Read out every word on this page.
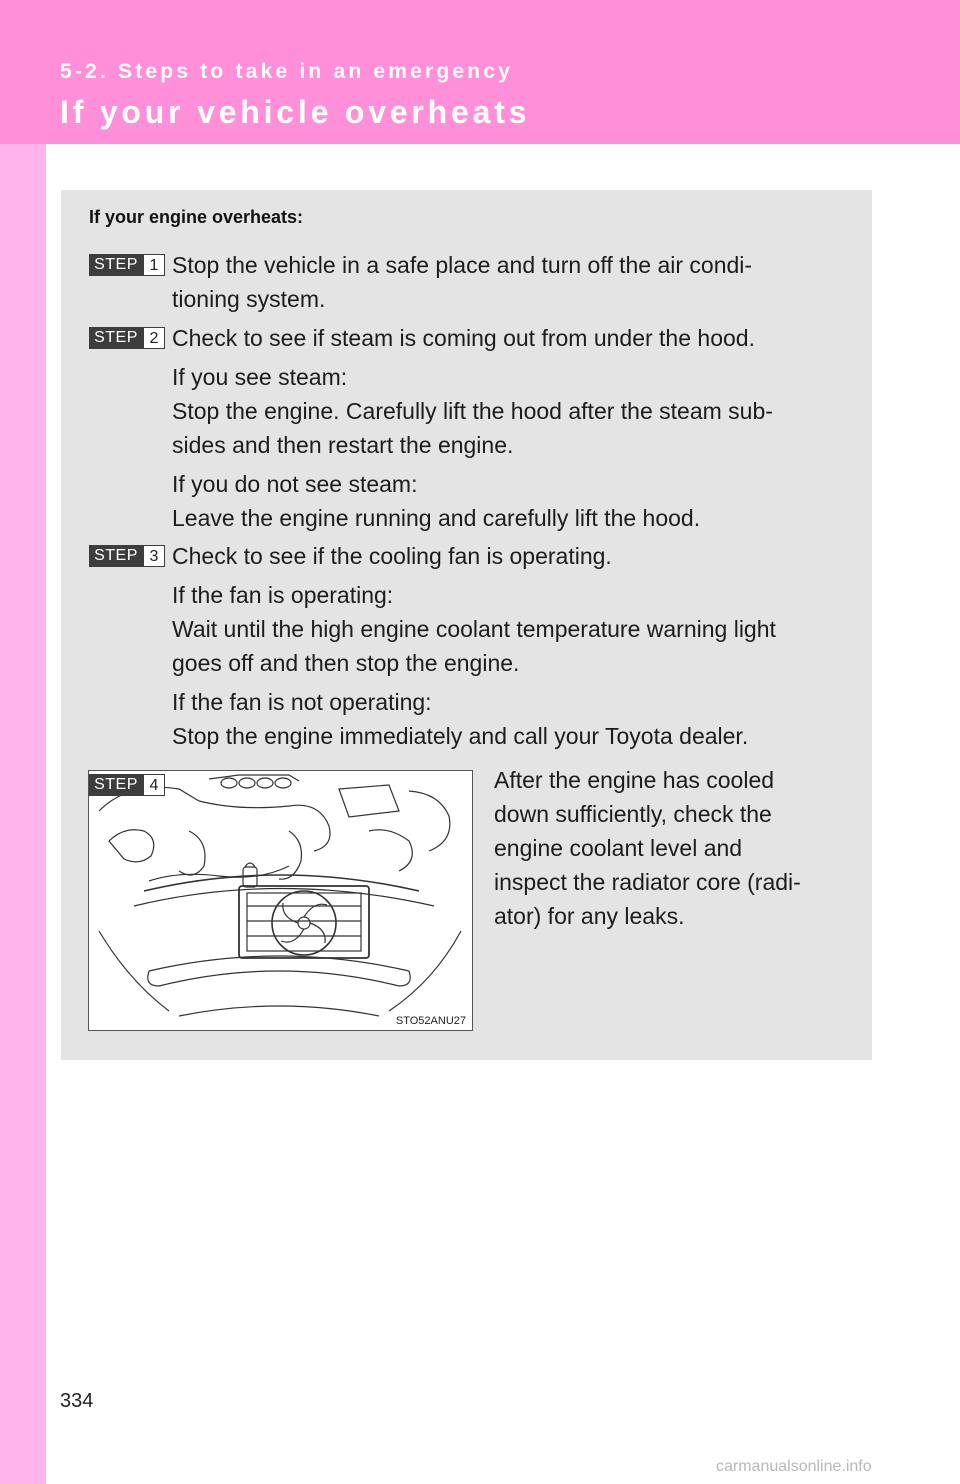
5-2. Steps to take in an emergency
If your vehicle overheats
If your engine overheats:
STEP 1 Stop the vehicle in a safe place and turn off the air condi-
tioning system.
STEP 2 Check to see if steam is coming out from under the hood.
If you see steam:
Stop the engine. Carefully lift the hood after the steam sub-
sides and then restart the engine.
If you do not see steam:
Leave the engine running and carefully lift the hood.
STEP 3 Check to see if the cooling fan is operating.
If the fan is operating:
Wait until the high engine coolant temperature warning light
goes off and then stop the engine.
If the fan is not operating:
Stop the engine immediately and call your Toyota dealer.
STO52ANU27
STEP 4	After the engine has cooled
down sufficiently, check the
engine coolant level and
inspect the radiator core (radi-
ator) for any leaks.
334
carmanualsonline.info
